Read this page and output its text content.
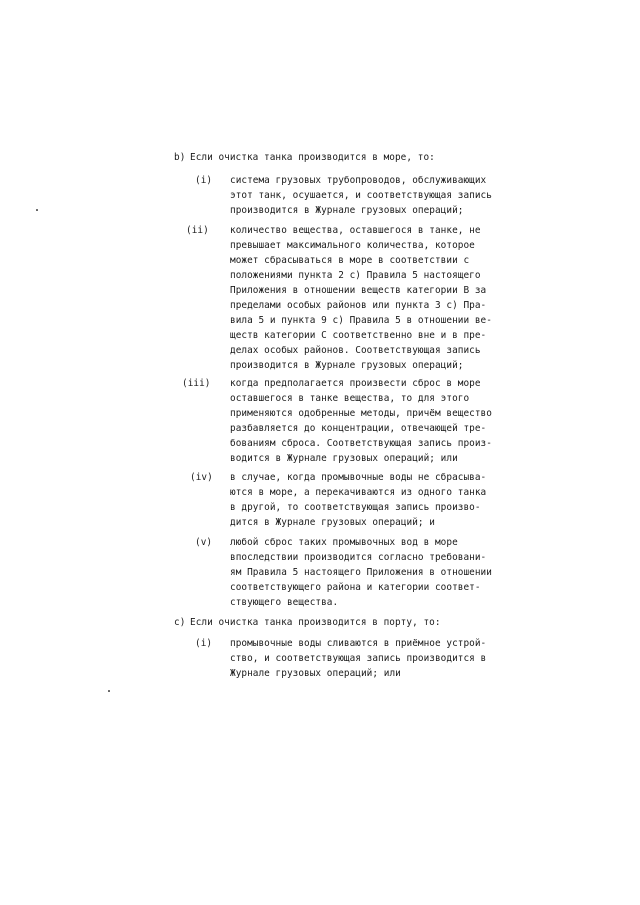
b) Если очистка танка производится в море, то:
(i) система грузовых трубопроводов, обслуживающих
этот танк, осушается, и соответствующая запись
производится в Журнале грузовых операций;
(ii) количество вещества, оставшегося в танке, не
превышает максимального количества, которое
может сбрасываться в море в соответствии с
положениями пункта 2 с) Правила 5 настоящего
Приложения в отношении веществ категории В за
пределами особых районов или пункта 3 с) Пра-
вила 5 и пункта 9 с) Правила 5 в отношении ве-
ществ категории С соответственно вне и в пре-
делах особых районов. Соответствующая запись
производится в Журнале грузовых операций;
(iii) когда предполагается произвести сброс в море
оставшегося в танке вещества, то для этого
применяются одобренные методы, причём вещество
разбавляется до концентрации, отвечающей тре-
бованиям сброса. Соответствующая запись произ-
водится в Журнале грузовых операций; или
(iv) в случае, когда промывочные воды не сбрасыва-
ются в море, а перекачиваются из одного танка
в другой, то соответствующая запись произво-
дится в Журнале грузовых операций; и
(v) любой сброс таких промывочных вод в море
впоследствии производится согласно требовани-
ям Правила 5 настоящего Приложения в отношении
соответствующего района и категории соответ-
ствующего вещества.
c) Если очистка танка производится в порту, то:
(i) промывочные воды сливаются в приёмное устрой-
ство, и соответствующая запись производится в
Журнале грузовых операций; или
